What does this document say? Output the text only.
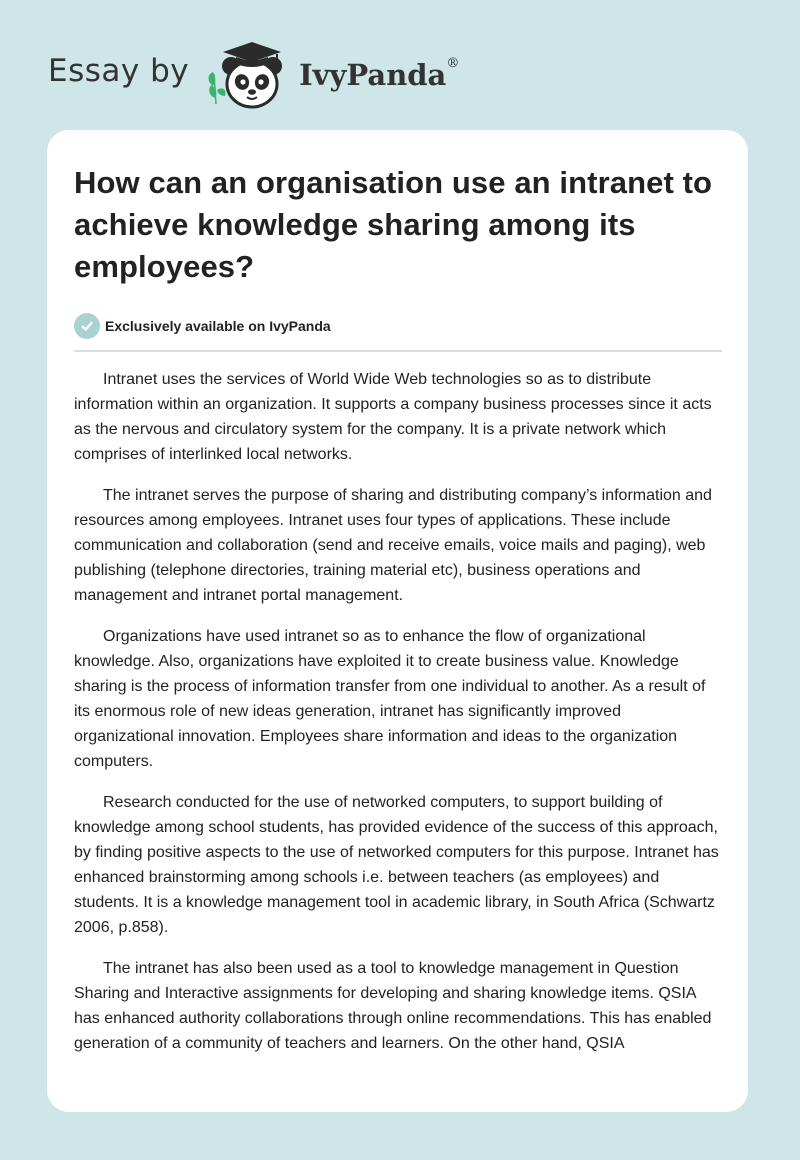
Essay by	IvyPanda®
How can an organisation use an intranet to achieve knowledge sharing among its employees?
Exclusively available on IvyPanda

Intranet uses the services of World Wide Web technologies so as to distribute information within an organization. It supports a company business processes since it acts as the nervous and circulatory system for the company. It is a private network which comprises of interlinked local networks.

The intranet serves the purpose of sharing and distributing company’s information and resources among employees. Intranet uses four types of applications. These include communication and collaboration (send and receive emails, voice mails and paging), web publishing (telephone directories, training material etc), business operations and management and intranet portal management.

Organizations have used intranet so as to enhance the flow of organizational knowledge. Also, organizations have exploited it to create business value. Knowledge sharing is the process of information transfer from one individual to another. As a result of its enormous role of new ideas generation, intranet has significantly improved organizational innovation. Employees share information and ideas to the organization computers.

Research conducted for the use of networked computers, to support building of knowledge among school students, has provided evidence of the success of this approach, by finding positive aspects to the use of networked computers for this purpose. Intranet has enhanced brainstorming among schools i.e. between teachers (as employees) and students. It is a knowledge management tool in academic library, in South Africa (Schwartz 2006, p.858).

The intranet has also been used as a tool to knowledge management in Question Sharing and Interactive assignments for developing and sharing knowledge items. QSIA has enhanced authority collaborations through online recommendations. This has enabled generation of a community of teachers and learners. On the other hand, QSIA
